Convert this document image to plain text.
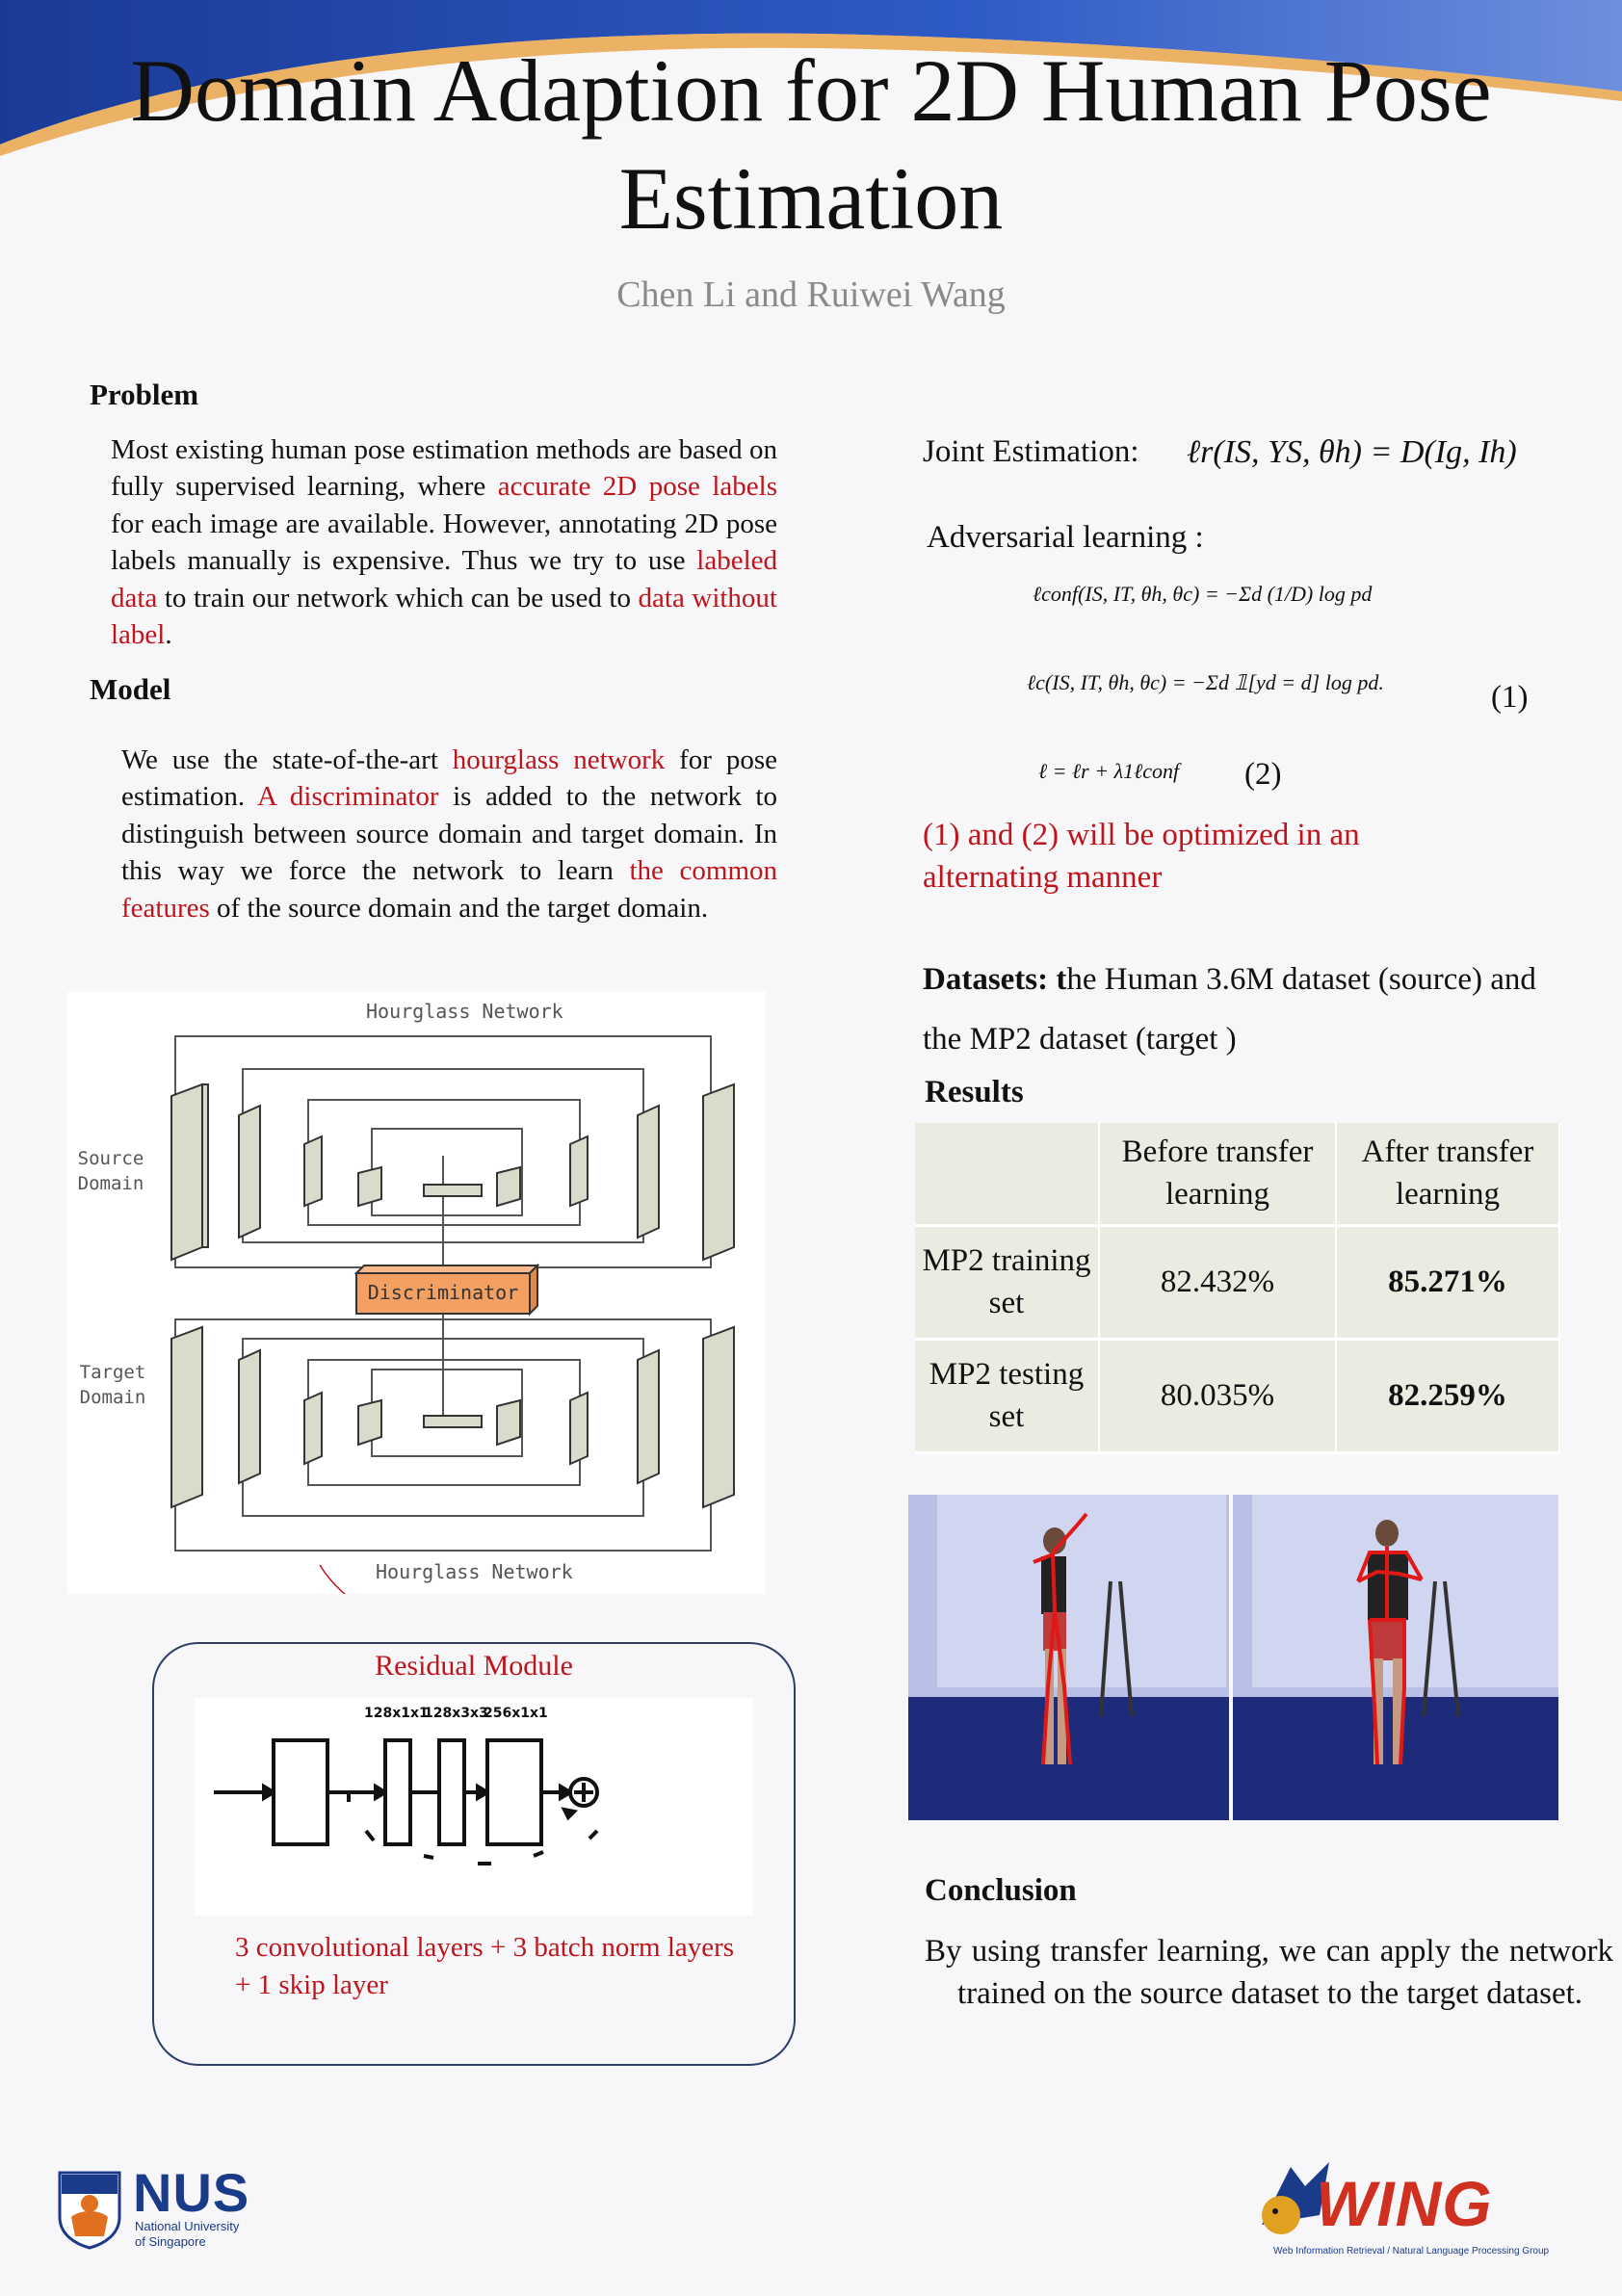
Domain Adaption for 2D Human Pose Estimation
Chen Li and Ruiwei Wang
Problem
Most existing human pose estimation methods are based on fully supervised learning, where accurate 2D pose labels for each image are available. However, annotating 2D pose labels manually is expensive. Thus we try to use labeled data to train our network which can be used to data without label.
Model
We use the state-of-the-art hourglass network for pose estimation. A discriminator is added to the network to distinguish between source domain and target domain. In this way we force the network to learn the common features of the source domain and the target domain.
Hourglass Network
Hourglass Network
Source Domain
Target Domain
Discriminator
Residual Module
128x1x1
128x3x3
256x1x1
3 convolutional layers + 3 batch norm layers + 1 skip layer
Joint Estimation: ℓr(IS, YS, θh) = D(Ig, Ih)
Adversarial learning :
ℓconf(IS, IT, θh, θc) = −Σd (1/D) log pd
ℓc(IS, IT, θh, θc) = −Σd 𝟙[yd = d] log pd.	(1)
ℓ = ℓr + λ1ℓconf (2)
(1) and (2) will be optimized in an alternating manner
Datasets: the Human 3.6M dataset (source) and the MP2 dataset (target )
Results
	Before transfer learning	After transfer learning
MP2 training set	82.432%	85.271%
MP2 testing set	80.035%	82.259%
Conclusion
By using transfer learning, we can apply the network trained on the source dataset to the target dataset.
NUS
National University
of Singapore
WING
Web Information Retrieval / Natural Language Processing Group
